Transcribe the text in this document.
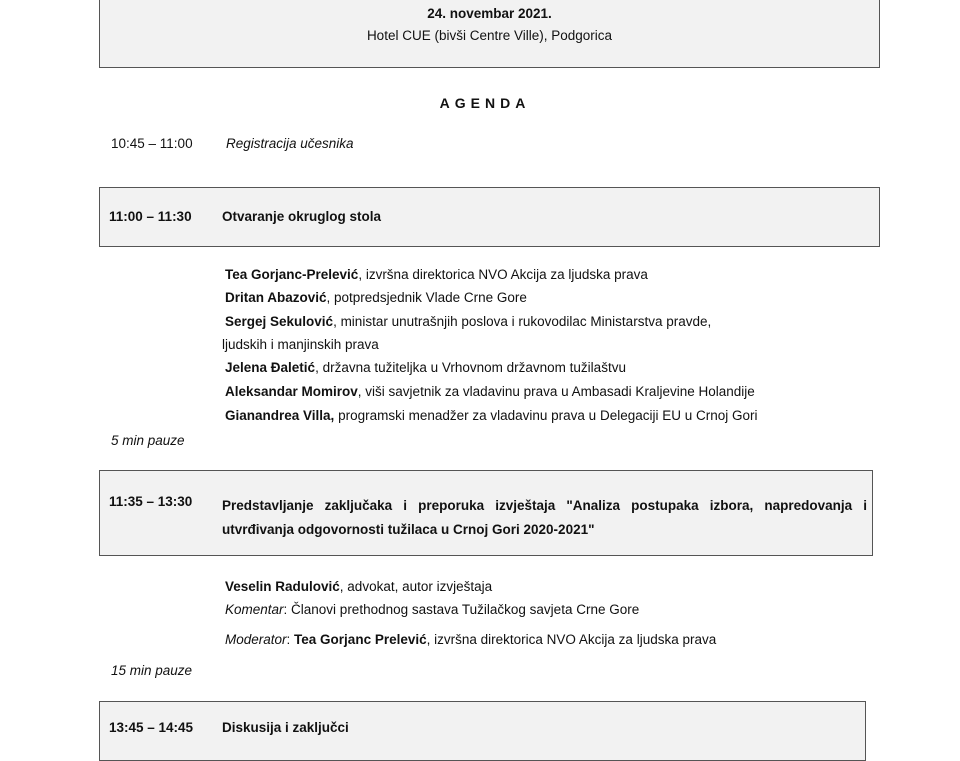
24. novembar 2021.
Hotel CUE (bivši Centre Ville), Podgorica
AGENDA
10:45 – 11:00 Registracija učesnika
11:00 – 11:30 Otvaranje okruglog stola
Tea Gorjanc-Prelević, izvršna direktorica NVO Akcija za ljudska prava
Dritan Abazović, potpredsjednik Vlade Crne Gore
Sergej Sekulović, ministar unutrašnjih poslova i rukovodilac Ministarstva pravde,
ljudskih i manjinskih prava
Jelena Đaletić, državna tužiteljka u Vrhovnom državnom tužilaštvu
Aleksandar Momirov, viši savjetnik za vladavinu prava u Ambasadi Kraljevine Holandije
Gianandrea Villa, programski menadžer za vladavinu prava u Delegaciji EU u Crnoj Gori
5 min pauze
11:35 – 13:30 Predstavljanje zaključaka i preporuka izvještaja "Analiza postupaka izbora, napredovanja i utvrđivanja odgovornosti tužilaca u Crnoj Gori 2020-2021"
Veselin Radulović, advokat, autor izvještaja
Komentar: Članovi prethodnog sastava Tužilačkog savjeta Crne Gore
Moderator: Tea Gorjanc Prelević, izvršna direktorica NVO Akcija za ljudska prava
15 min pauze
13:45 – 14:45 Diskusija i zaključci
